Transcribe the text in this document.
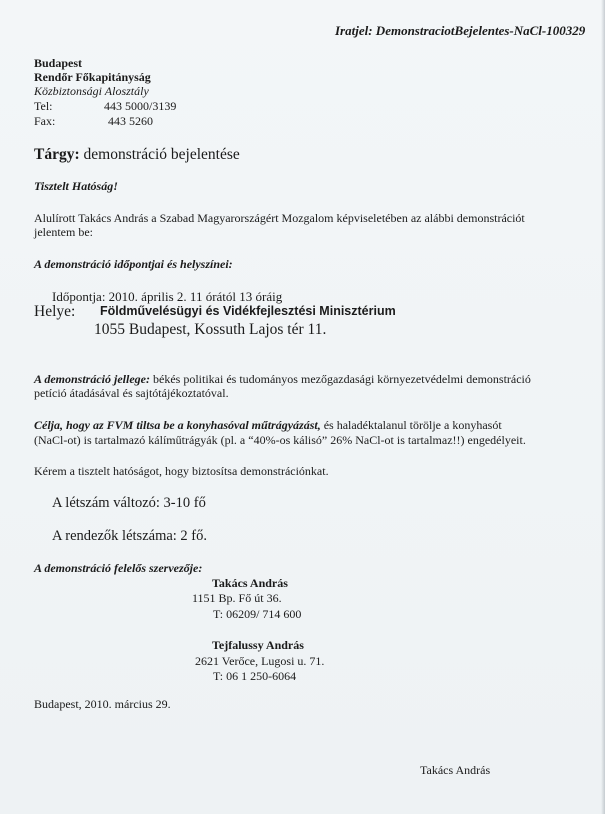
Iratjel: DemonstraciotBejelentes-NaCl-100329
Budapest
Rendőr Főkapitányság
Közbiztonsági Alosztály
Tel:	443 5000/3139
Fax:	443 5260
Tárgy: demonstráció bejelentése
Tisztelt Hatóság!
Alulírott Takács András a Szabad Magyarországért Mozgalom képviseletében az alábbi demonstrációt
jelentem be:
A demonstráció időpontjai és helyszínei:
Időpontja: 2010. április 2. 11 órától 13 óráig
Helye: Földművelésügyi és Vidékfejlesztési Minisztérium
1055 Budapest, Kossuth Lajos tér 11.
A demonstráció jellege: békés politikai és tudományos mezőgazdasági környezetvédelmi demonstráció
petíció átadásával és sajtótájékoztatóval.
Célja, hogy az FVM tiltsa be a konyhasóval műtrágyázást, és haladéktalanul törölje a konyhasót
(NaCl-ot) is tartalmazó kálíműtrágyák (pl. a “40%-os kálisó” 26% NaCl-ot is tartalmaz!!) engedélyeit.
Kérem a tisztelt hatóságot, hogy biztosítsa demonstrációnkat.
A létszám változó: 3-10 fő
A rendezők létszáma: 2 fő.
A demonstráció felelős szervezője:
Takács András
1151 Bp. Fő út 36.
T: 06209/ 714 600
Tejfalussy András
2621 Verőce, Lugosi u. 71.
T: 06 1 250-6064
Budapest, 2010. március 29.
Takács András
